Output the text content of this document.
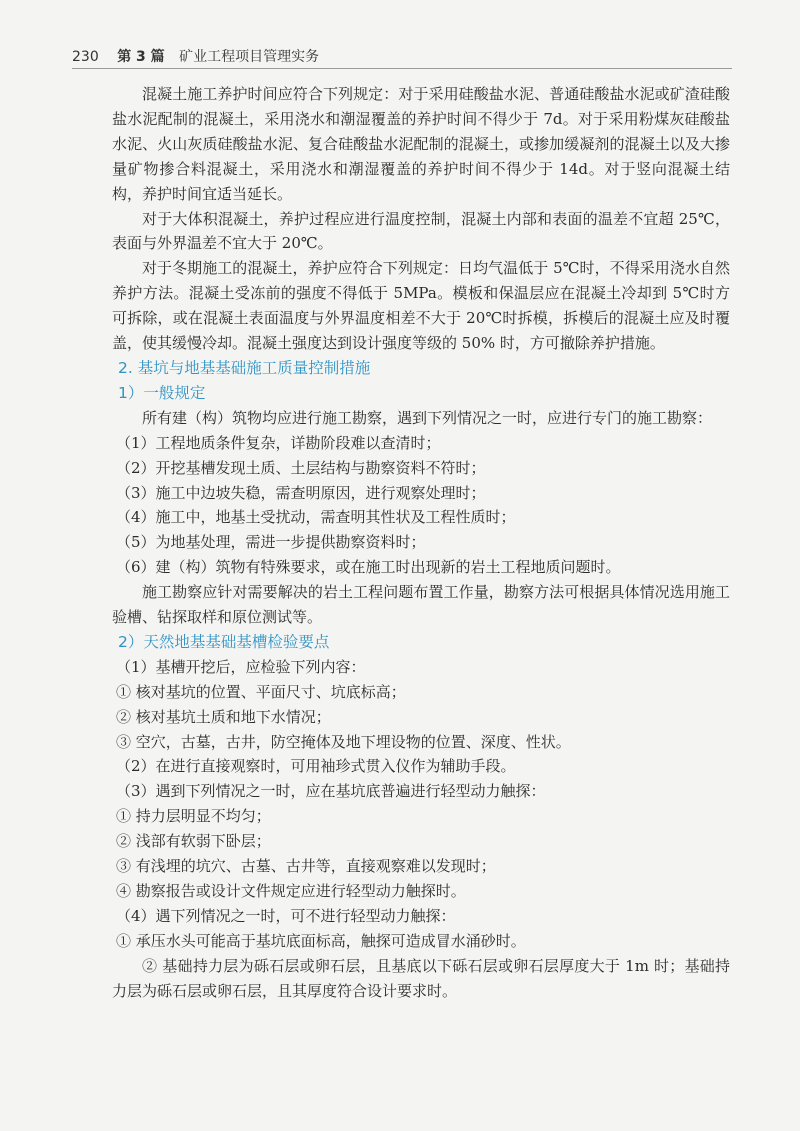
230 第 3 篇 矿业工程项目管理实务

混凝土施工养护时间应符合下列规定：对于采用硅酸盐水泥、普通硅酸盐水泥或矿渣硅酸盐水泥配制的混凝土，采用浇水和潮湿覆盖的养护时间不得少于 7d。对于采用粉煤灰硅酸盐水泥、火山灰质硅酸盐水泥、复合硅酸盐水泥配制的混凝土，或掺加缓凝剂的混凝土以及大掺量矿物掺合料混凝土，采用浇水和潮湿覆盖的养护时间不得少于 14d。对于竖向混凝土结构，养护时间宜适当延长。

对于大体积混凝土，养护过程应进行温度控制，混凝土内部和表面的温差不宜超 25℃，表面与外界温差不宜大于 20℃。

对于冬期施工的混凝土，养护应符合下列规定：日均气温低于 5℃时，不得采用浇水自然养护方法。混凝土受冻前的强度不得低于 5MPa。模板和保温层应在混凝土冷却到 5℃时方可拆除，或在混凝土表面温度与外界温度相差不大于 20℃时拆模，拆模后的混凝土应及时覆盖，使其缓慢冷却。混凝土强度达到设计强度等级的 50% 时，方可撤除养护措施。

2. 基坑与地基基础施工质量控制措施

1）一般规定

所有建（构）筑物均应进行施工勘察，遇到下列情况之一时，应进行专门的施工勘察：

（1）工程地质条件复杂，详勘阶段难以查清时；

（2）开挖基槽发现土质、土层结构与勘察资料不符时；

（3）施工中边坡失稳，需查明原因，进行观察处理时；

（4）施工中，地基土受扰动，需查明其性状及工程性质时；

（5）为地基处理，需进一步提供勘察资料时；

（6）建（构）筑物有特殊要求，或在施工时出现新的岩土工程地质问题时。

施工勘察应针对需要解决的岩土工程问题布置工作量，勘察方法可根据具体情况选用施工验槽、钻探取样和原位测试等。

2）天然地基基础基槽检验要点

（1）基槽开挖后，应检验下列内容：

① 核对基坑的位置、平面尺寸、坑底标高；

② 核对基坑土质和地下水情况；

③ 空穴，古墓，古井，防空掩体及地下埋设物的位置、深度、性状。

（2）在进行直接观察时，可用袖珍式贯入仪作为辅助手段。

（3）遇到下列情况之一时，应在基坑底普遍进行轻型动力触探：

① 持力层明显不均匀；

② 浅部有软弱下卧层；

③ 有浅埋的坑穴、古墓、古井等，直接观察难以发现时；

④ 勘察报告或设计文件规定应进行轻型动力触探时。

（4）遇下列情况之一时，可不进行轻型动力触探：

① 承压水头可能高于基坑底面标高，触探可造成冒水涌砂时。

② 基础持力层为砾石层或卵石层，且基底以下砾石层或卵石层厚度大于 1m 时；基础持力层为砾石层或卵石层，且其厚度符合设计要求时。
